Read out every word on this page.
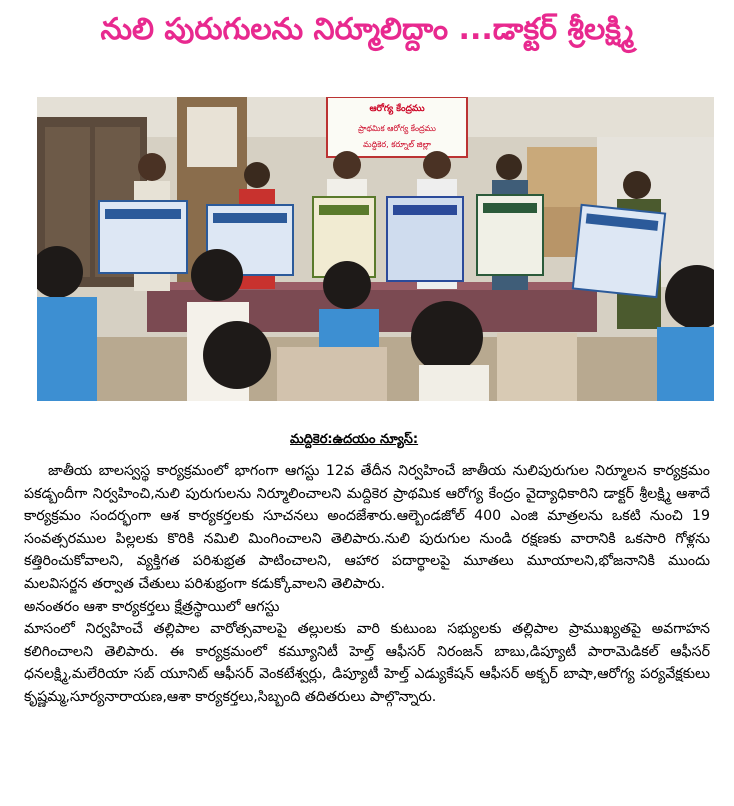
నులి పురుగులను నిర్మూలిద్దాం ...డాక్టర్ శ్రీలక్ష్మి
ఆరోగ్య కేంద్రము
ప్రాథమిక ఆరోగ్య కేంద్రము
మద్దికెర, కర్నూల్ జిల్లా
మద్దికెర:ఉదయం న్యూస్:

జాతీయ బాలస్వస్థ కార్యక్రమంలో భాగంగా ఆగస్టు 12వ తేదీన నిర్వహించే జాతీయ నులిపురుగుల నిర్మూలన కార్యక్రమం పకడ్బందీగా నిర్వహించి,నులి పురుగులను నిర్మూలించాలని మద్దికెర ప్రాథమిక ఆరోగ్య కేంద్రం వైద్యాధికారిని డాక్టర్ శ్రీలక్ష్మి ఆశాదే కార్యక్రమం సందర్భంగా ఆశ కార్యకర్తలకు సూచనలు అందజేశారు.ఆల్బెండజోల్ 400 ఎంజి మాత్రలను ఒకటి నుంచి 19 సంవత్సరముల పిల్లలకు కొరికి నమిలి మింగించాలని తెలిపారు.నులి పురుగుల నుండి రక్షణకు వారానికి ఒకసారి గోళ్లను కత్తిరించుకోవాలని, వ్యక్తిగత పరిశుభ్రత పాటించాలని, ఆహార పదార్థాలపై మూతలు మూయాలని,భోజనానికి ముందు మలవిసర్జన తర్వాత చేతులు పరిశుభ్రంగా కడుక్కోవాలని తెలిపారు.

అనంతరం ఆశా కార్యకర్తలు క్షేత్రస్థాయిలో ఆగస్టు

మాసంలో నిర్వహించే తల్లిపాల వారోత్సవాలపై తల్లులకు వారి కుటుంబ సభ్యులకు తల్లిపాల ప్రాముఖ్యతపై అవగాహన కలిగించాలని తెలిపారు. ఈ కార్యక్రమంలో కమ్యూనిటీ హెల్త్ ఆఫీసర్ నిరంజన్ బాబు,డిప్యూటీ పారామెడికల్ ఆఫీసర్ ధనలక్ష్మి,మలేరియా సబ్ యూనిట్ ఆఫీసర్ వెంకటేశ్వర్లు, డిప్యూటీ హెల్త్ ఎడ్యుకేషన్ ఆఫీసర్ అక్బర్ బాషా,ఆరోగ్య పర్యవేక్షకులు కృష్ణమ్మ,సూర్యనారాయణ,ఆశా కార్యకర్తలు,సిబ్బంది తదితరులు పాల్గొన్నారు.
